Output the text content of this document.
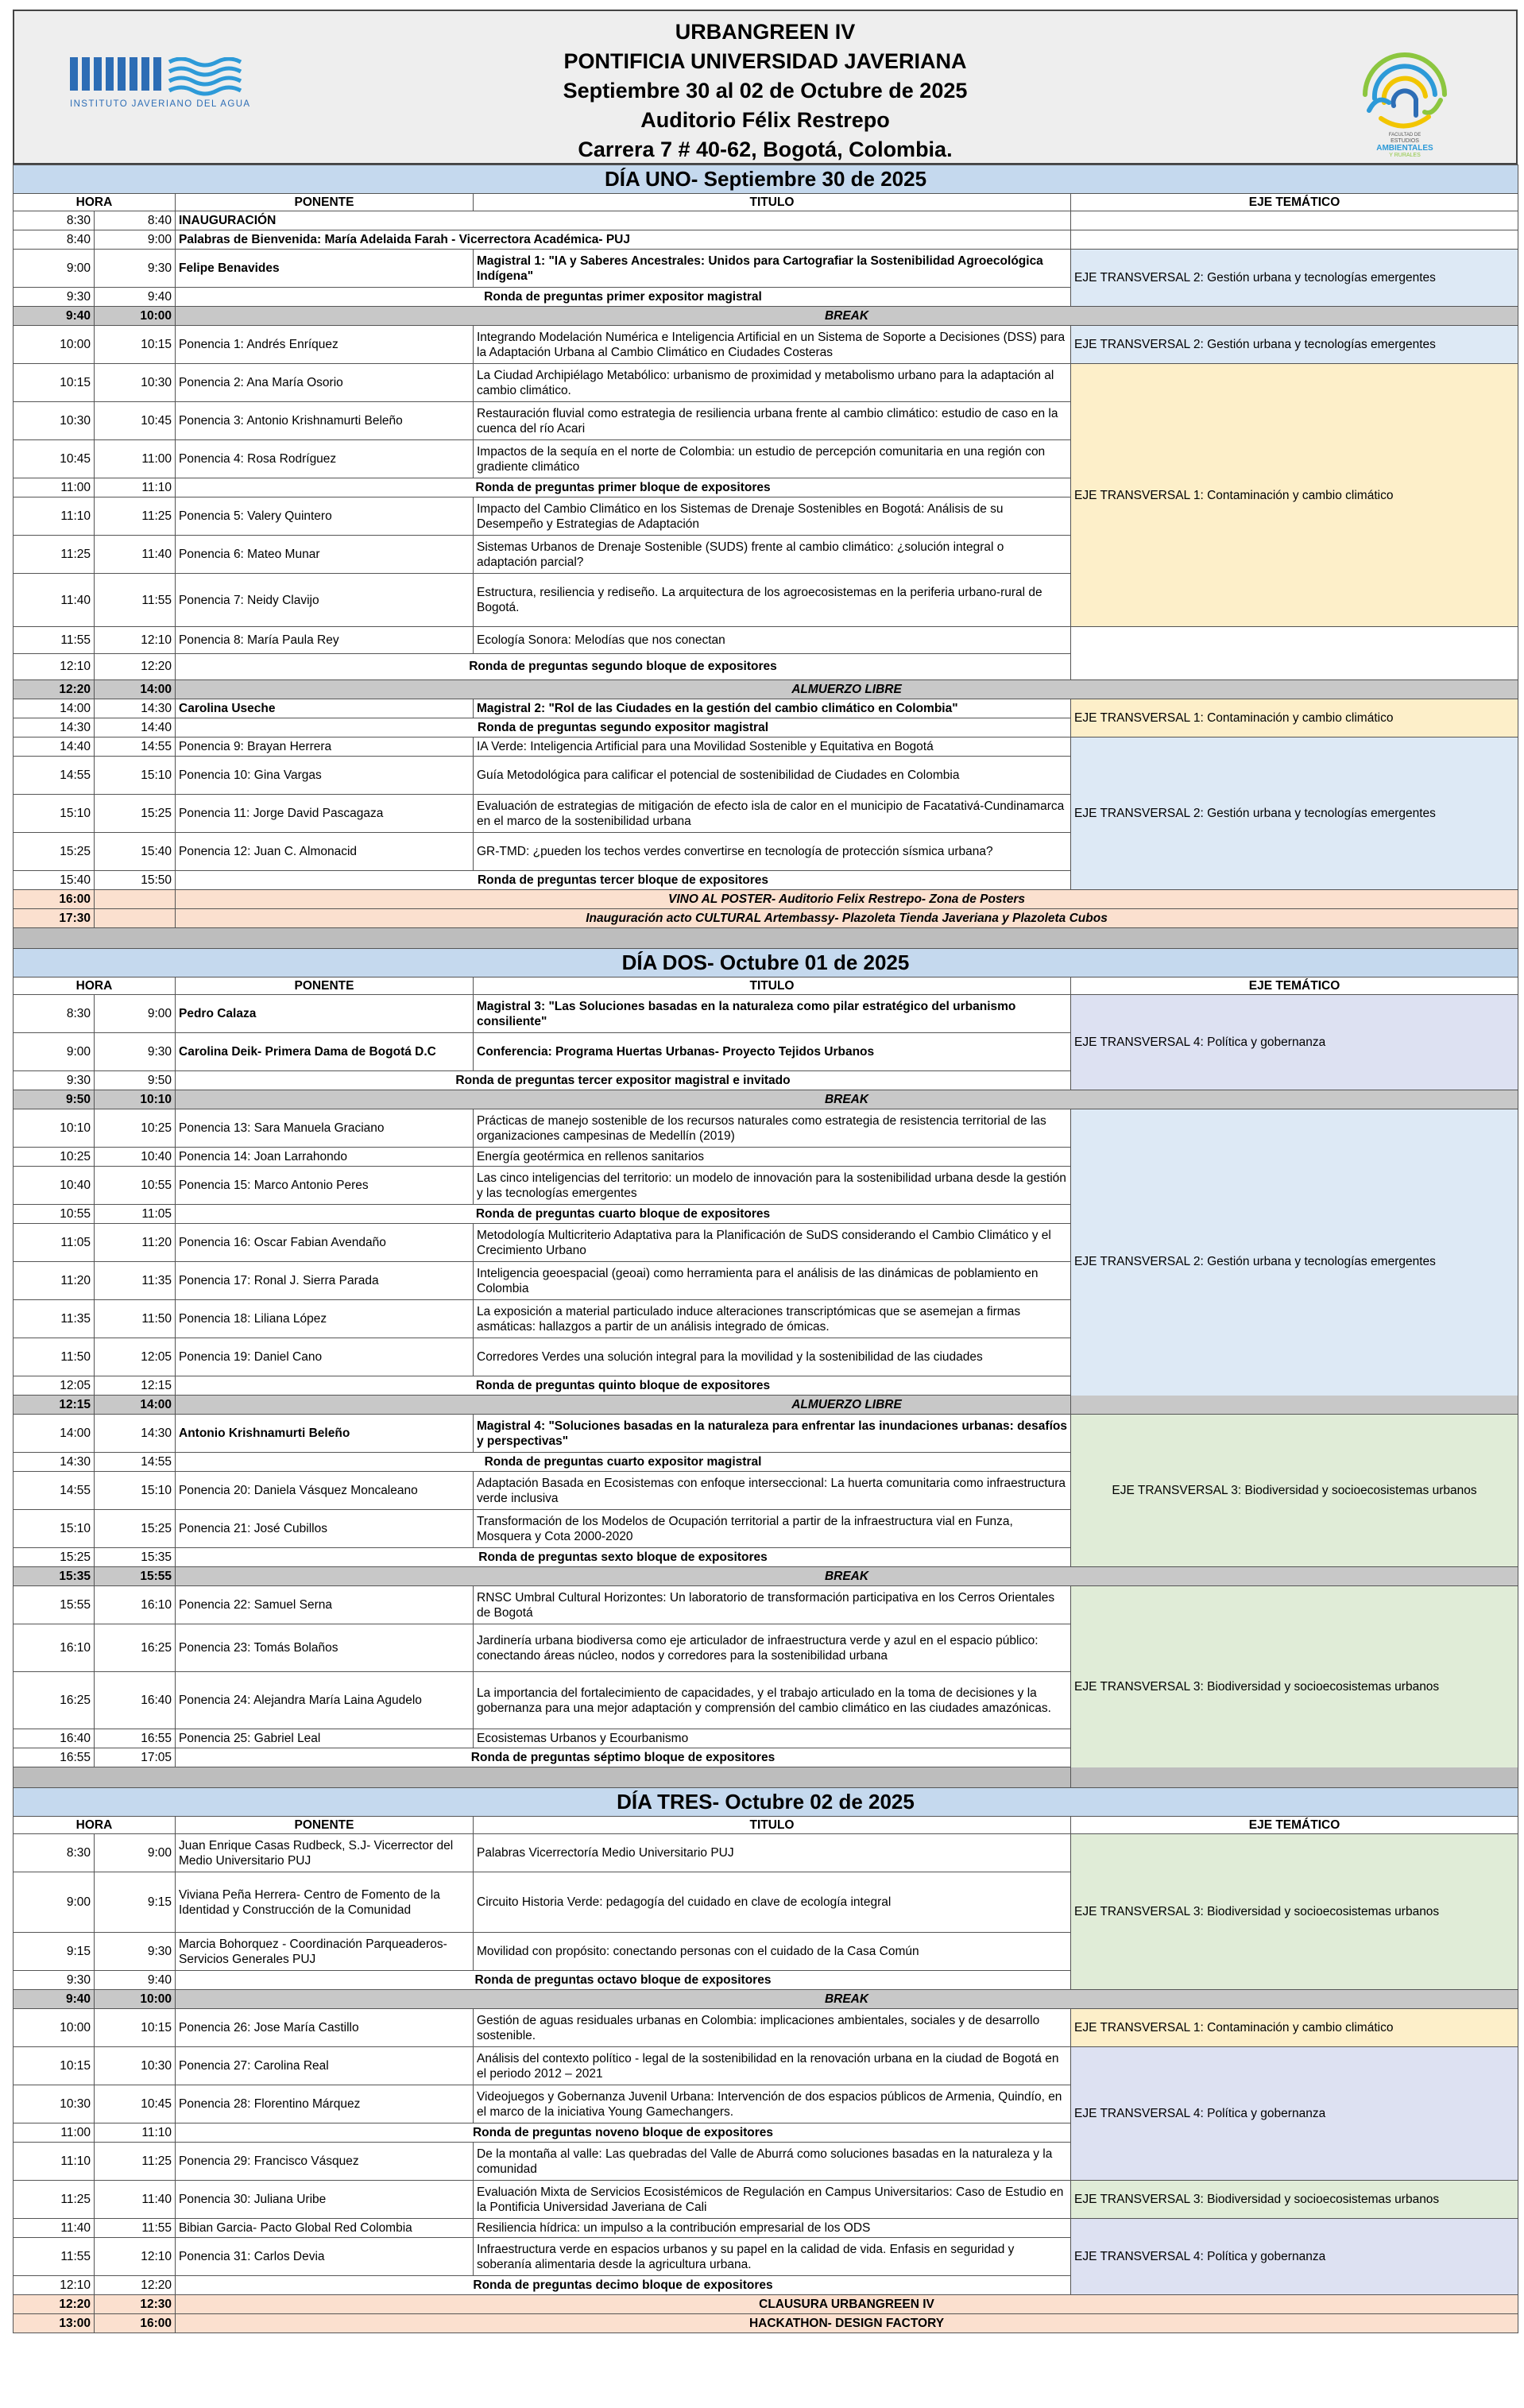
INSTITUTO JAVERIANO DEL AGUA
URBANGREEN IV
PONTIFICIA UNIVERSIDAD JAVERIANA
Septiembre 30 al 02 de Octubre de 2025
Auditorio Félix Restrepo
Carrera 7 # 40-62, Bogotá, Colombia.
FACULTAD DE
ESTUDIOS
AMBIENTALES
Y RURALES
DÍA UNO- Septiembre 30 de 2025					
HORA		PONENTE	TITULO	EJE TEMÁTICO	
8:30	8:40	INAUGURACIÓN			
8:40	9:00	Palabras de Bienvenida: María Adelaida Farah - Vicerrectora Académica- PUJ			
9:00	9:30	Felipe Benavides	Magistral 1: "IA y Saberes Ancestrales: Unidos para Cartografiar la Sostenibilidad Agroecológica Indígena"	EJE TRANSVERSAL 2: Gestión urbana y tecnologías emergentes	
9:30	9:40	Ronda de preguntas primer expositor magistral			
9:40	10:00	BREAK			
10:00	10:15	Ponencia 1: Andrés Enríquez	Integrando Modelación Numérica e Inteligencia Artificial en un Sistema de Soporte a Decisiones (DSS) para la Adaptación Urbana al Cambio Climático en Ciudades Costeras	EJE TRANSVERSAL 2: Gestión urbana y tecnologías emergentes	
10:15	10:30	Ponencia 2: Ana María Osorio	La Ciudad Archipiélago Metabólico: urbanismo de proximidad y metabolismo urbano para la adaptación al cambio climático.	EJE TRANSVERSAL 1: Contaminación y cambio climático	
10:30	10:45	Ponencia 3: Antonio Krishnamurti Beleño	Restauración fluvial como estrategia de resiliencia urbana frente al cambio climático: estudio de caso en la cuenca del río Acari		
10:45	11:00	Ponencia 4: Rosa Rodríguez	Impactos de la sequía en el norte de Colombia: un estudio de percepción comunitaria en una región con gradiente climático		
11:00	11:10	Ronda de preguntas primer bloque de expositores			
11:10	11:25	Ponencia 5: Valery Quintero	Impacto del Cambio Climático en los Sistemas de Drenaje Sostenibles en Bogotá: Análisis de su Desempeño y Estrategias de Adaptación		
11:25	11:40	Ponencia 6: Mateo Munar	Sistemas Urbanos de Drenaje Sostenible (SUDS) frente al cambio climático: ¿solución integral o adaptación parcial?		
11:40	11:55	Ponencia 7: Neidy Clavijo	Estructura, resiliencia y rediseño. La arquitectura de los agroecosistemas en la periferia urbano-rural de Bogotá.	
11:55	12:10	Ponencia 8: María Paula Rey	Ecología Sonora: Melodías que nos conectan		
12:10	12:20	Ronda de preguntas segundo bloque de expositores			
12:20	14:00	ALMUERZO LIBRE			
14:00	14:30	Carolina Useche	Magistral 2: "Rol de las Ciudades en la gestión del cambio climático en Colombia"	EJE TRANSVERSAL 1: Contaminación y cambio climático	
14:30	14:40	Ronda de preguntas segundo expositor magistral			
14:40	14:55	Ponencia 9: Brayan Herrera	IA Verde: Inteligencia Artificial para una Movilidad Sostenible y Equitativa en Bogotá	EJE TRANSVERSAL 2: Gestión urbana y tecnologías emergentes	
14:55	15:10	Ponencia 10: Gina Vargas	Guía Metodológica para calificar el potencial de sostenibilidad de Ciudades en Colombia		
15:10	15:25	Ponencia 11: Jorge David Pascagaza	Evaluación de estrategias de mitigación de efecto isla de calor en el municipio de Facatativá-Cundinamarca en el marco de la sostenibilidad urbana		
15:25	15:40	Ponencia 12: Juan C. Almonacid	GR-TMD: ¿pueden los techos verdes convertirse en tecnología de protección sísmica urbana?		
15:40	15:50	Ronda de preguntas tercer bloque de expositores			
16:00		VINO AL POSTER- Auditorio Felix Restrepo- Zona de Posters			
17:30		Inauguración acto CULTURAL Artembassy- Plazoleta Tienda Javeriana y Plazoleta Cubos			

DÍA DOS- Octubre 01 de 2025					
HORA		PONENTE	TITULO	EJE TEMÁTICO	
8:30	9:00	Pedro Calaza	Magistral 3: "Las Soluciones basadas en la naturaleza como pilar estratégico del urbanismo consiliente"	EJE TRANSVERSAL 4: Política y gobernanza	
9:00	9:30	Carolina Deik- Primera Dama de Bogotá D.C	Conferencia: Programa Huertas Urbanas- Proyecto Tejidos Urbanos		
9:30	9:50	Ronda de preguntas tercer expositor magistral e invitado			
9:50	10:10	BREAK			
10:10	10:25	Ponencia 13: Sara Manuela Graciano	Prácticas de manejo sostenible de los recursos naturales como estrategia de resistencia territorial de las organizaciones campesinas de Medellín (2019)	EJE TRANSVERSAL 2: Gestión urbana y tecnologías emergentes	
10:25	10:40	Ponencia 14: Joan Larrahondo	Energía geotérmica en rellenos sanitarios		
10:40	10:55	Ponencia 15: Marco Antonio Peres	Las cinco inteligencias del territorio: un modelo de innovación para la sostenibilidad urbana desde la gestión y las tecnologías emergentes		
10:55	11:05	Ronda de preguntas cuarto bloque de expositores			
11:05	11:20	Ponencia 16: Oscar Fabian Avendaño	Metodología Multicriterio Adaptativa para la Planificación de SuDS considerando el Cambio Climático y el Crecimiento Urbano		
11:20	11:35	Ponencia 17: Ronal J. Sierra Parada	Inteligencia geoespacial (geoai) como herramienta para el análisis de las dinámicas de poblamiento en Colombia		
11:35	11:50	Ponencia 18: Liliana López	La exposición a material particulado induce alteraciones transcriptómicas que se asemejan a firmas asmáticas: hallazgos a partir de un análisis integrado de ómicas.		
11:50	12:05	Ponencia 19: Daniel Cano	Corredores Verdes una solución integral para la movilidad y la sostenibilidad de las ciudades		
12:05	12:15	Ronda de preguntas quinto bloque de expositores			
12:15	14:00	ALMUERZO LIBRE			
14:00	14:30	Antonio Krishnamurti Beleño	Magistral 4: "Soluciones basadas en la naturaleza para enfrentar las inundaciones urbanas: desafíos y perspectivas"	EJE TRANSVERSAL 3: Biodiversidad y socioecosistemas urbanos	
14:30	14:55	Ronda de preguntas cuarto expositor magistral			
14:55	15:10	Ponencia 20: Daniela Vásquez Moncaleano	Adaptación Basada en Ecosistemas con enfoque interseccional: La huerta comunitaria como infraestructura verde inclusiva		
15:10	15:25	Ponencia 21: José Cubillos	Transformación de los Modelos de Ocupación territorial a partir de la infraestructura vial en Funza, Mosquera y Cota 2000-2020		
15:25	15:35	Ronda de preguntas sexto bloque de expositores			
15:35	15:55	BREAK			
15:55	16:10	Ponencia 22: Samuel Serna	RNSC Umbral Cultural Horizontes: Un laboratorio de transformación participativa en los Cerros Orientales de Bogotá	EJE TRANSVERSAL 3: Biodiversidad y socioecosistemas urbanos	
16:10	16:25	Ponencia 23: Tomás Bolaños	Jardinería urbana biodiversa como eje articulador de infraestructura verde y azul en el espacio público: conectando áreas núcleo, nodos y corredores para la sostenibilidad urbana		
16:25	16:40	Ponencia 24: Alejandra María Laina Agudelo	La importancia del fortalecimiento de capacidades, y el trabajo articulado en la toma de decisiones y la gobernanza para una mejor adaptación y comprensión del cambio climático en las ciudades amazónicas.		
16:40	16:55	Ponencia 25: Gabriel Leal	Ecosistemas Urbanos y Ecourbanismo		
16:55	17:05	Ronda de preguntas séptimo bloque de expositores			

DÍA TRES- Octubre 02 de 2025					
HORA		PONENTE	TITULO	EJE TEMÁTICO	
8:30	9:00	Juan Enrique Casas Rudbeck, S.J- Vicerrector del Medio Universitario PUJ	Palabras Vicerrectoría Medio Universitario PUJ	EJE TRANSVERSAL 3: Biodiversidad y socioecosistemas urbanos	
9:00	9:15	Viviana Peña Herrera- Centro de Fomento de la Identidad y Construcción de la Comunidad	Circuito Historia Verde: pedagogía del cuidado en clave de ecología integral		
9:15	9:30	Marcia Bohorquez - Coordinación Parqueaderos- Servicios Generales PUJ	Movilidad con propósito: conectando personas con el cuidado de la Casa Común		
9:30	9:40	Ronda de preguntas octavo bloque de expositores			
9:40	10:00	BREAK			
10:00	10:15	Ponencia 26: Jose María Castillo	Gestión de aguas residuales urbanas en Colombia: implicaciones ambientales, sociales y de desarrollo sostenible.	EJE TRANSVERSAL 1: Contaminación y cambio climático	
10:15	10:30	Ponencia 27: Carolina Real	Análisis del contexto político - legal de la sostenibilidad en la renovación urbana en la ciudad de Bogotá en el periodo 2012 – 2021	EJE TRANSVERSAL 4: Política y gobernanza	
10:30	10:45	Ponencia 28: Florentino Márquez	Videojuegos y Gobernanza Juvenil Urbana: Intervención de dos espacios públicos de Armenia, Quindío, en el marco de la iniciativa Young Gamechangers.		
11:00	11:10	Ronda de preguntas noveno bloque de expositores			
11:10	11:25	Ponencia 29: Francisco Vásquez	De la montaña al valle: Las quebradas del Valle de Aburrá como soluciones basadas en la naturaleza y la comunidad		
11:25	11:40	Ponencia 30: Juliana Uribe	Evaluación Mixta de Servicios Ecosistémicos de Regulación en Campus Universitarios: Caso de Estudio en la Pontificia Universidad Javeriana de Cali	EJE TRANSVERSAL 3: Biodiversidad y socioecosistemas urbanos	
11:40	11:55	Bibian Garcia- Pacto Global Red Colombia	Resiliencia hídrica: un impulso a la contribución empresarial de los ODS	EJE TRANSVERSAL 4: Política y gobernanza	
11:55	12:10	Ponencia 31: Carlos Devia	Infraestructura verde en espacios urbanos y su papel en la calidad de vida. Enfasis en seguridad y soberanía alimentaria desde la agricultura urbana.		
12:10	12:20	Ronda de preguntas decimo bloque de expositores			
12:20	12:30	CLAUSURA URBANGREEN IV			
13:00	16:00	HACKATHON- DESIGN FACTORY			
